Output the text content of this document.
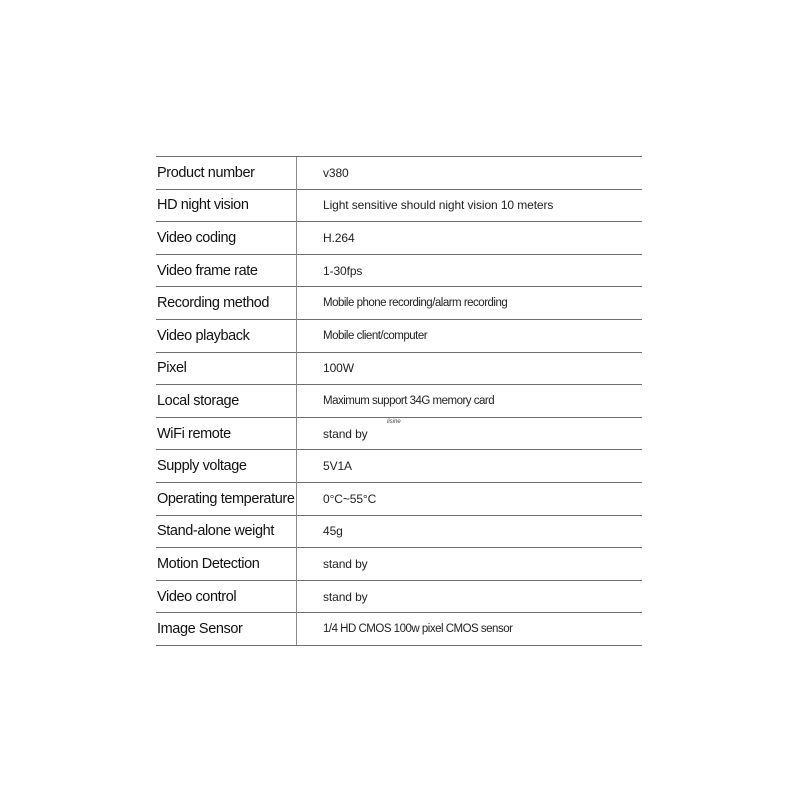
Product number	v380
HD night vision	Light sensitive should night vision 10 meters
Video coding	H.264
Video frame rate	1-30fps
Recording method	Mobile phone recording/alarm recording
Video playback	Mobile client/computer
Pixel	100W
Local storage	Maximum support 34G memory card
WiFi remote	stand by
lisine

Supply voltage	5V1A
Operating temperature	0°C~55°C
Stand-alone weight	45g
Motion Detection	stand by
Video control	stand by
Image Sensor	1/4 HD CMOS 100w pixel CMOS sensor
